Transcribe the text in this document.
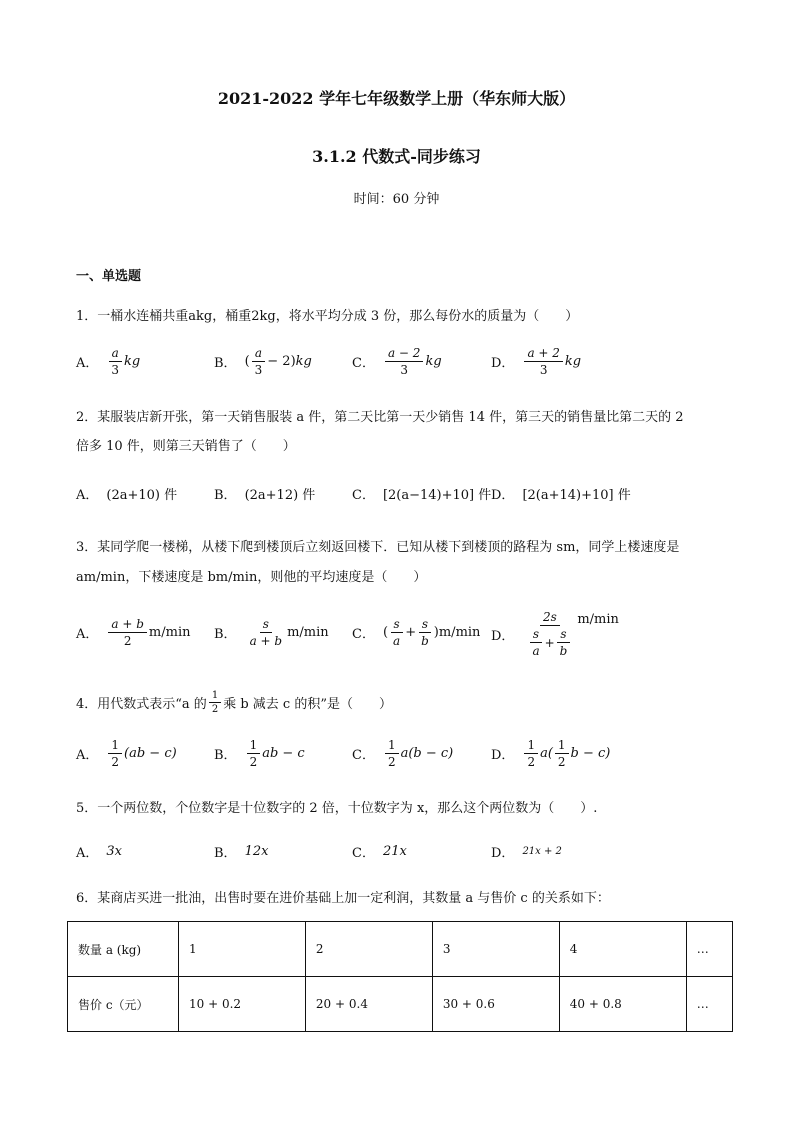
2021-2022 学年七年级数学上册（华东师大版）
3.1.2 代数式-同步练习
时间：60 分钟
一、单选题
1．一桶水连桶共重akg，桶重2kg，将水平均分成 3 份，那么每份水的质量为（　　）
A． $\frac{a}{3}$ kg	B． ( $\frac{a}{3} - 2$) kg	C． $\frac{a - 2}{3}$ kg	D． $\frac{a + 2}{3}$ kg
2．某服装店新开张，第一天销售服装 a 件，第二天比第一天少销售 14 件，第三天的销售量比第二天的 2
倍多 10 件，则第三天销售了（　　）
A． (2a+10) 件	B． (2a+12) 件	C． [2(a−14)+10] 件 D． [2(a+14)+10] 件
3．某同学爬一楼梯，从楼下爬到楼顶后立刻返回楼下．已知从楼下到楼顶的路程为 sm，同学上楼速度是
am/min，下楼速度是 bm/min，则他的平均速度是（　　）
A． $\frac{a + b}{2} m/\min$ B． $\frac{s}{a + b} m/\min$ C． ( $\frac{s}{a} + \frac{s}{b}$ ) m/min D． $\frac{2s}{\frac{s}{a} + \frac{s}{b}} m/\min$
4．用代数式表示“a 的 $\frac{1}{2}$ 乘 b 减去 c 的积”是（　　）
A． $\frac{1}{2} (ab - c)$	B． $\frac{1}{2}$ ab − c	C． $\frac{1}{2} a(b - c)$	D． $\frac{1}{2} a( \frac{1}{2}$ b − c)
5．一个两位数，个位数字是十位数字的 2 倍，十位数字为 x，那么这个两位数为（　　）.
A． 3x	B． 12x	C． 21x	D． 21x + 2
6．某商店买进一批油，出售时要在进价基础上加一定利润，其数量 a 与售价 c 的关系如下：
数量 a (kg)	1	2	3	4	…
售价 c（元）	10 + 0.2	20 + 0.4	30 + 0.6	40 + 0.8	…
